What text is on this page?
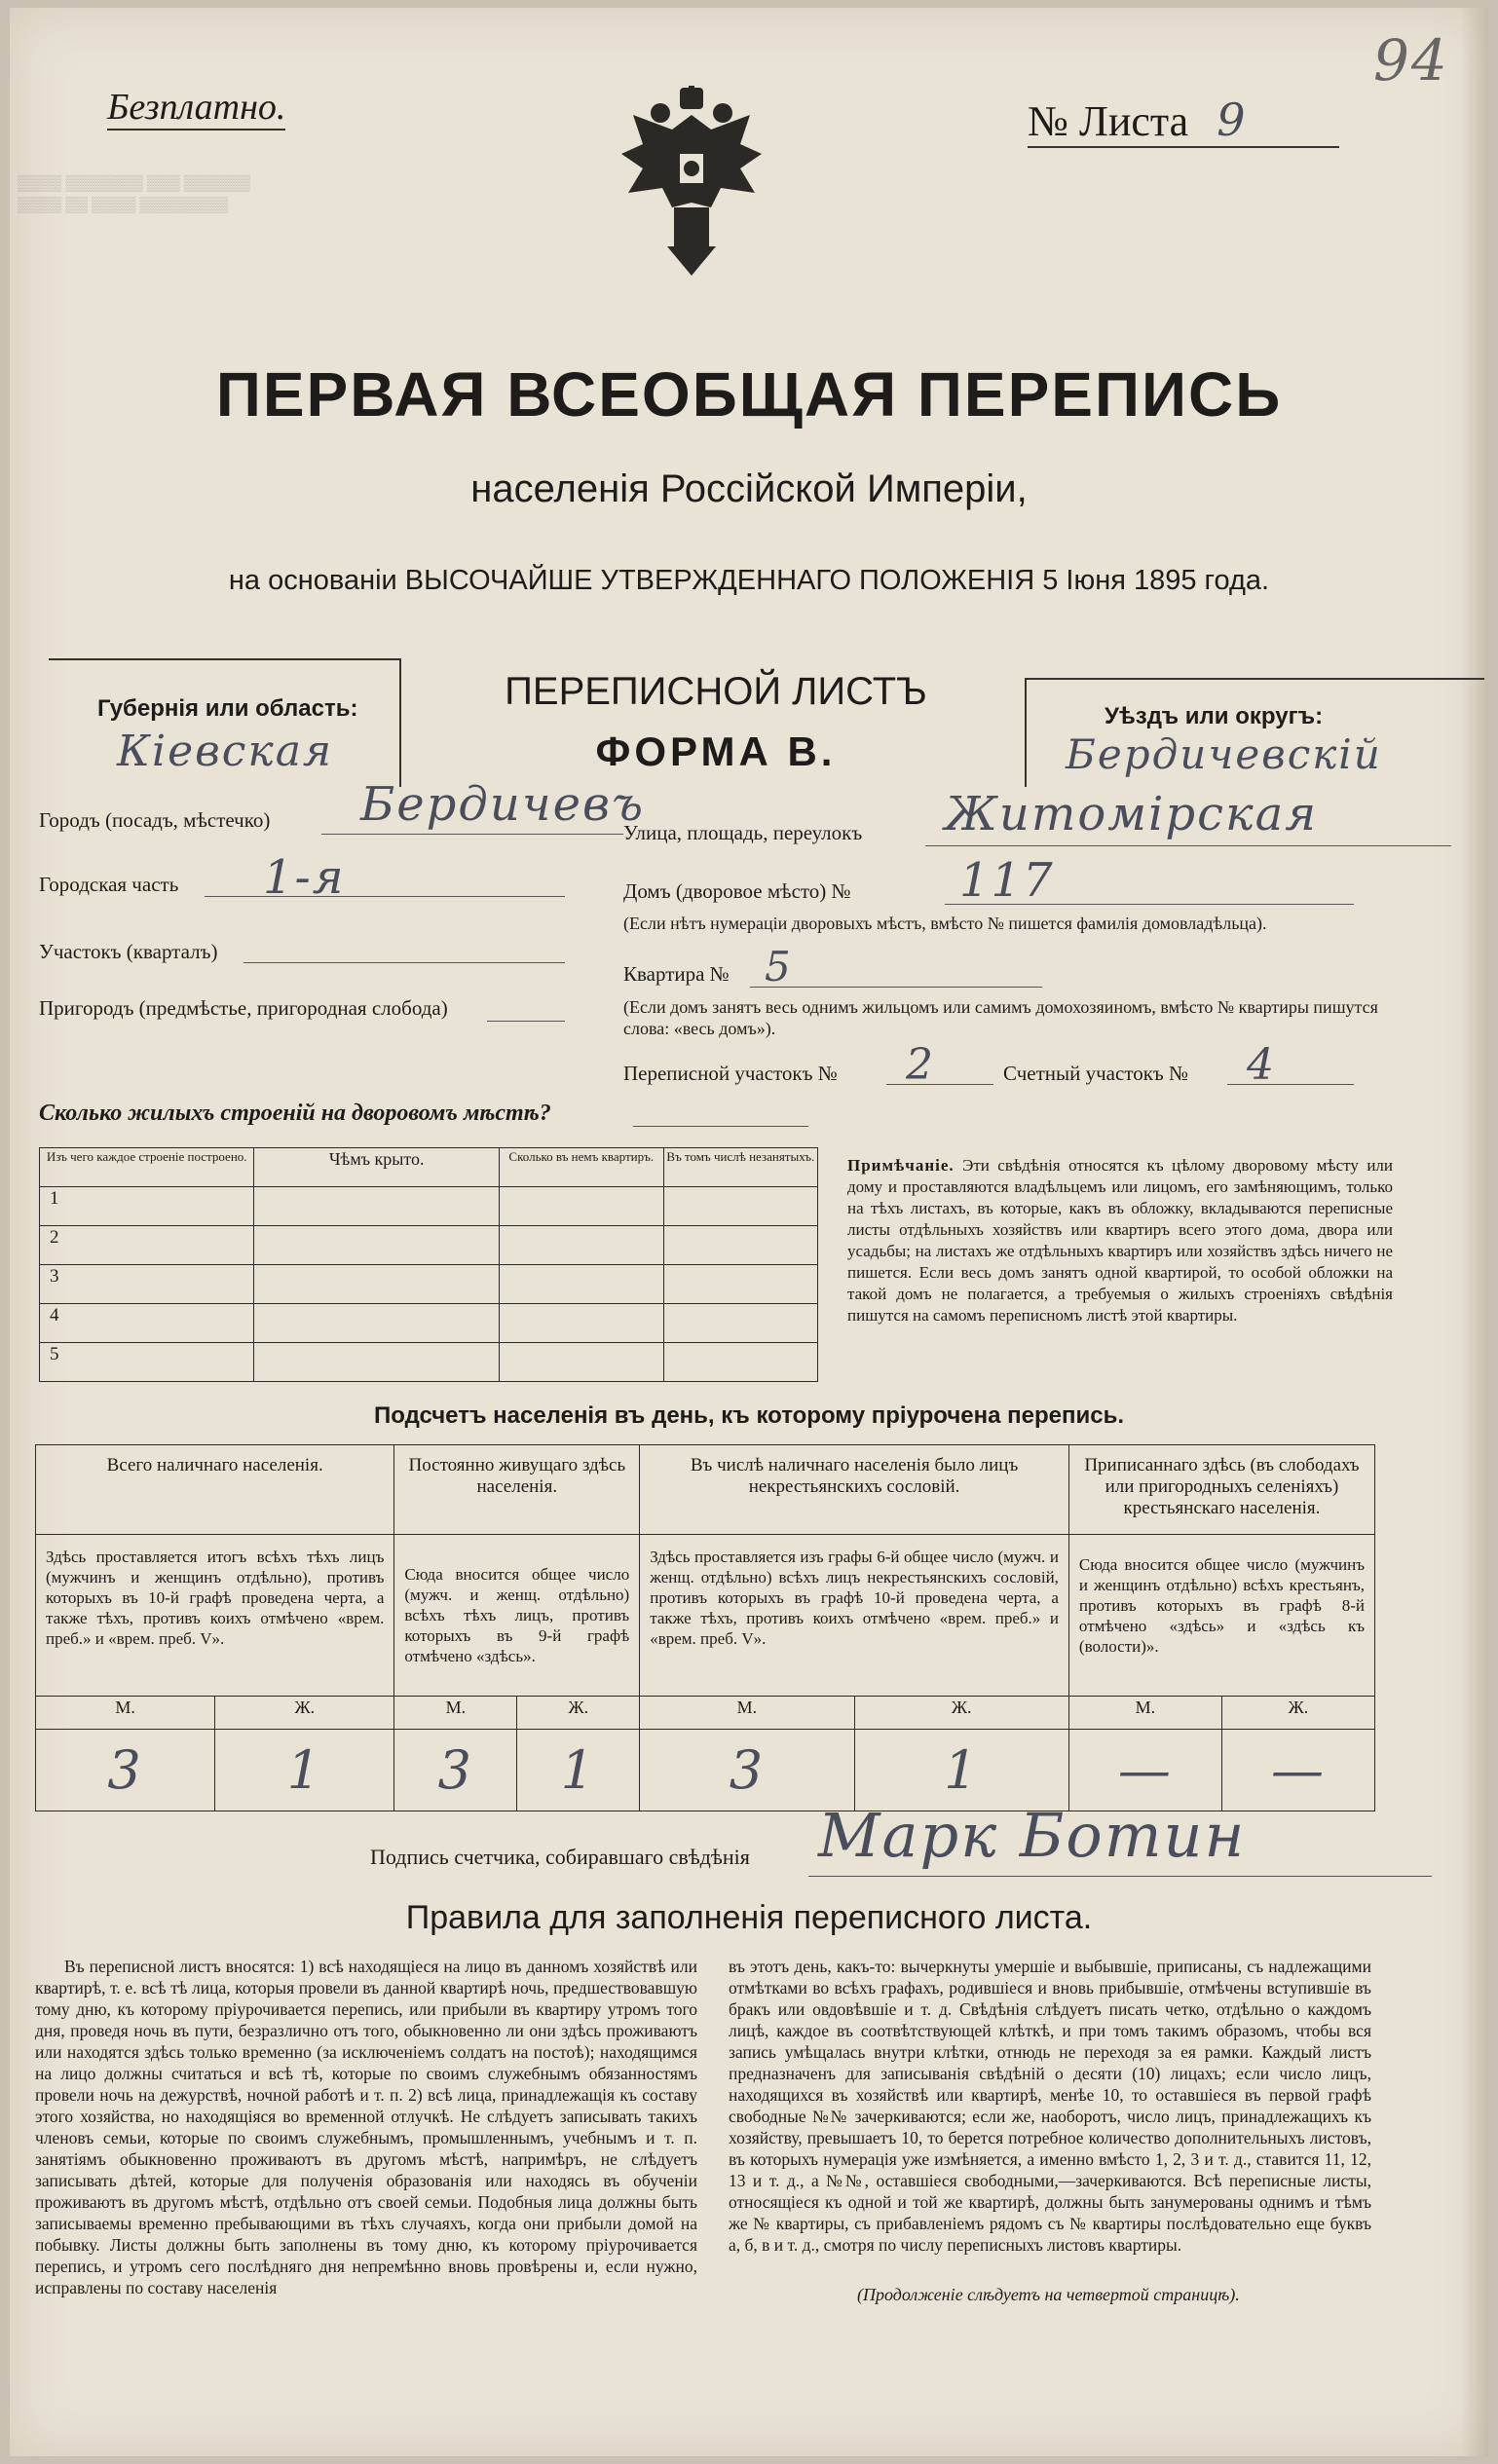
Безплатно.	№ Листа 9
94
▒▒▒▒ ▒▒▒▒▒▒▒ ▒▒▒ ▒▒▒▒▒▒
▒▒▒▒ ▒▒ ▒▒▒▒ ▒▒▒▒▒▒▒▒
ПЕРВАЯ ВСЕОБЩАЯ ПЕРЕПИСЬ
населенія Россійской Имперіи,
на основаніи ВЫСОЧАЙШЕ УТВЕРЖДЕННАГО ПОЛОЖЕНІЯ 5 Іюня 1895 года.
Губернія или область:
Кiевская
ПЕРЕПИСНОЙ ЛИСТЪ
ФОРМА В.
Уѣздъ или округъ:
Бердичевскiй
Городъ (посадъ, мѣстечко) Бердичевъ
Городская часть 1-я
Участокъ (кварталъ)
Пригородъ (предмѣстье, пригородная слобода)
Улица, площадь, переулокъ Житомiрская
Домъ (дворовое мѣсто) № 117
(Если нѣтъ нумераціи дворовыхъ мѣстъ, вмѣсто № пишется фамилія домовладѣльца).
Квартира № 5
(Если домъ занятъ весь однимъ жильцомъ или самимъ домохозяиномъ, вмѣсто № квартиры пишутся слова: «весь домъ»).
Переписной участокъ № 2	Счетный участокъ № 4
Сколько жилыхъ строеній на дворовомъ мѣстѣ?
Изъ чего каждое строеніе построено.	Чѣмъ крыто.	Сколько въ немъ квартиръ.	Въ томъ числѣ незанятыхъ.
1			
2			
3			
4			
5			
Примѣчаніе. Эти свѣдѣнія относятся къ цѣлому дворовому мѣсту или дому и проставляются владѣльцемъ или лицомъ, его замѣняющимъ, только на тѣхъ листахъ, въ которые, какъ въ обложку, вкладываются переписные листы отдѣльныхъ хозяйствъ или квартиръ всего этого дома, двора или усадьбы; на листахъ же отдѣльныхъ квартиръ или хозяйствъ здѣсь ничего не пишется. Если весь домъ занятъ одной квартирой, то особой обложки на такой домъ не полагается, а требуемыя о жилыхъ строеніяхъ свѣдѣнія пишутся на самомъ переписномъ листѣ этой квартиры.
Подсчетъ населенія въ день, къ которому пріурочена перепись.
Всего наличнаго населенія.		Постоянно живущаго здѣсь населенія.		Въ числѣ наличнаго населенія было лицъ некрестьянскихъ сословій.		Приписаннаго здѣсь (въ слободахъ или пригородныхъ селеніяхъ) крестьянскаго населенія.	
Здѣсь проставляется итогъ всѣхъ тѣхъ лицъ (мужчинъ и женщинъ отдѣльно), противъ которыхъ въ 10-й графѣ проведена черта, а также тѣхъ, противъ коихъ отмѣчено «врем. преб.» и «врем. преб. V».		Сюда вносится общее число (мужч. и женщ. отдѣльно) всѣхъ тѣхъ лицъ, противъ которыхъ въ 9-й графѣ отмѣчено «здѣсь».		Здѣсь проставляется изъ графы 6-й общее число (мужч. и женщ. отдѣльно) всѣхъ лицъ некрестьянскихъ сословій, противъ которыхъ въ графѣ 10-й проведена черта, а также тѣхъ, противъ коихъ отмѣчено «врем. преб.» и «врем. преб. V».		Сюда вносится общее число (мужчинъ и женщинъ отдѣльно) всѣхъ крестьянъ, противъ которыхъ въ графѣ 8-й отмѣчено «здѣсь» и «здѣсь къ (волости)».	
М.	Ж.	М.	Ж.	М.	Ж.	М.	Ж.
3	1	3	1	3	1	—	—
Подпись счетчика, собиравшаго свѣдѣнія Марк Ботин
Правила для заполненія переписного листа.
Въ переписной листъ вносятся: 1) всѣ находящіеся на лицо въ данномъ хозяйствѣ или квартирѣ, т. е. всѣ тѣ лица, которыя провели въ данной квартирѣ ночь, предшествовавшую тому дню, къ которому пріурочивается перепись, или прибыли въ квартиру утромъ того дня, проведя ночь въ пути, безразлично отъ того, обыкновенно ли они здѣсь проживаютъ или находятся здѣсь только временно (за исключеніемъ солдатъ на постоѣ); находящимся на лицо должны считаться и всѣ тѣ, которые по своимъ служебнымъ обязанностямъ провели ночь на дежурствѣ, ночной работѣ и т. п. 2) всѣ лица, принадлежащія къ составу этого хозяйства, но находящіяся во временной отлучкѣ. Не слѣдуетъ записывать такихъ членовъ семьи, которые по своимъ служебнымъ, промышленнымъ, учебнымъ и т. п. занятіямъ обыкновенно проживаютъ въ другомъ мѣстѣ, напримѣръ, не слѣдуетъ записывать дѣтей, которые для полученія образованія или находясь въ обученіи проживаютъ въ другомъ мѣстѣ, отдѣльно отъ своей семьи. Подобныя лица должны быть записываемы временно пребывающими въ тѣхъ случаяхъ, когда они прибыли домой на побывку. Листы должны быть заполнены въ тому дню, къ которому пріурочивается перепись, и утромъ сего послѣдняго дня непремѣнно вновь провѣрены и, если нужно, исправлены по составу населенія
въ этотъ день, какъ-то: вычеркнуты умершіе и выбывшіе, приписаны, съ надлежащими отмѣтками во всѣхъ графахъ, родившіеся и вновь прибывшіе, отмѣчены вступившіе въ бракъ или овдовѣвшіе и т. д. Свѣдѣнія слѣдуетъ писать четко, отдѣльно о каждомъ лицѣ, каждое въ соотвѣтствующей клѣткѣ, и при томъ такимъ образомъ, чтобы вся запись умѣщалась внутри клѣтки, отнюдь не переходя за ея рамки. Каждый листъ предназначенъ для записыванія свѣдѣній о десяти (10) лицахъ; если число лицъ, находящихся въ хозяйствѣ или квартирѣ, менѣе 10, то оставшіеся въ первой графѣ свободные №№ зачеркиваются; если же, наоборотъ, число лицъ, принадлежащихъ къ хозяйству, превышаетъ 10, то берется потребное количество дополнительныхъ листовъ, въ которыхъ нумерація уже измѣняется, а именно вмѣсто 1, 2, 3 и т. д., ставится 11, 12, 13 и т. д., а №№, оставшіеся свободными,—зачеркиваются. Всѣ переписные листы, относящіеся къ одной и той же квартирѣ, должны быть занумерованы однимъ и тѣмъ же № квартиры, съ прибавленіемъ рядомъ съ № квартиры послѣдовательно еще буквъ а, б, в и т. д., смотря по числу переписныхъ листовъ квартиры.
(Продолженіе слѣдуетъ на четвертой страницѣ).
